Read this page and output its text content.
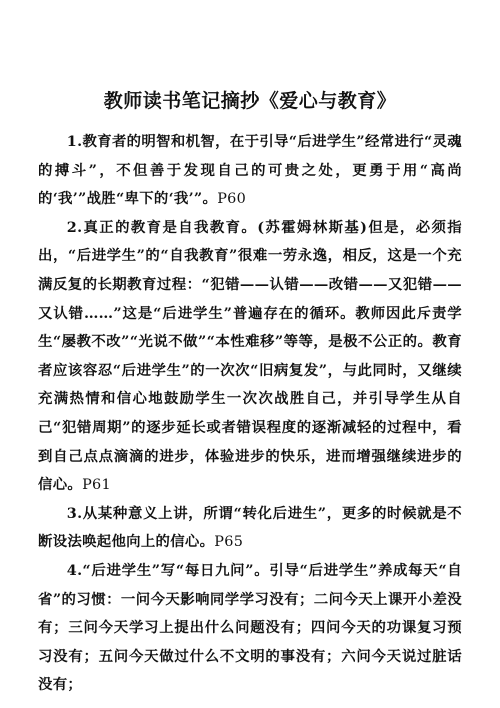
教师读书笔记摘抄《爱心与教育》

1.教育者的明智和机智，在于引导“后进学生”经常进行“灵魂的搏斗”，不但善于发现自己的可贵之处，更勇于用“高尚的‘我’”战胜“卑下的‘我’”。P60

2.真正的教育是自我教育。(苏霍姆林斯基)但是，必须指出，“后进学生”的“自我教育”很难一劳永逸，相反，这是一个充满反复的长期教育过程：“犯错——认错——改错——又犯错——又认错……”这是“后进学生”普遍存在的循环。教师因此斥责学生“屡教不改”“光说不做”“本性难移”等等，是极不公正的。教育者应该容忍“后进学生”的一次次“旧病复发”，与此同时，又继续充满热情和信心地鼓励学生一次次战胜自己，并引导学生从自己“犯错周期”的逐步延长或者错误程度的逐渐减轻的过程中，看到自己点点滴滴的进步，体验进步的快乐，进而增强继续进步的信心。P61

3.从某种意义上讲，所谓“转化后进生”，更多的时候就是不断设法唤起他向上的信心。P65

4.“后进学生”写“每日九问”。引导“后进学生”养成每天“自省”的习惯：一问今天影响同学学习没有；二问今天上课开小差没有；三问今天学习上提出什么问题没有；四问今天的功课复习预习没有；五问今天做过什么不文明的事没有；六问今天说过脏话没有；
